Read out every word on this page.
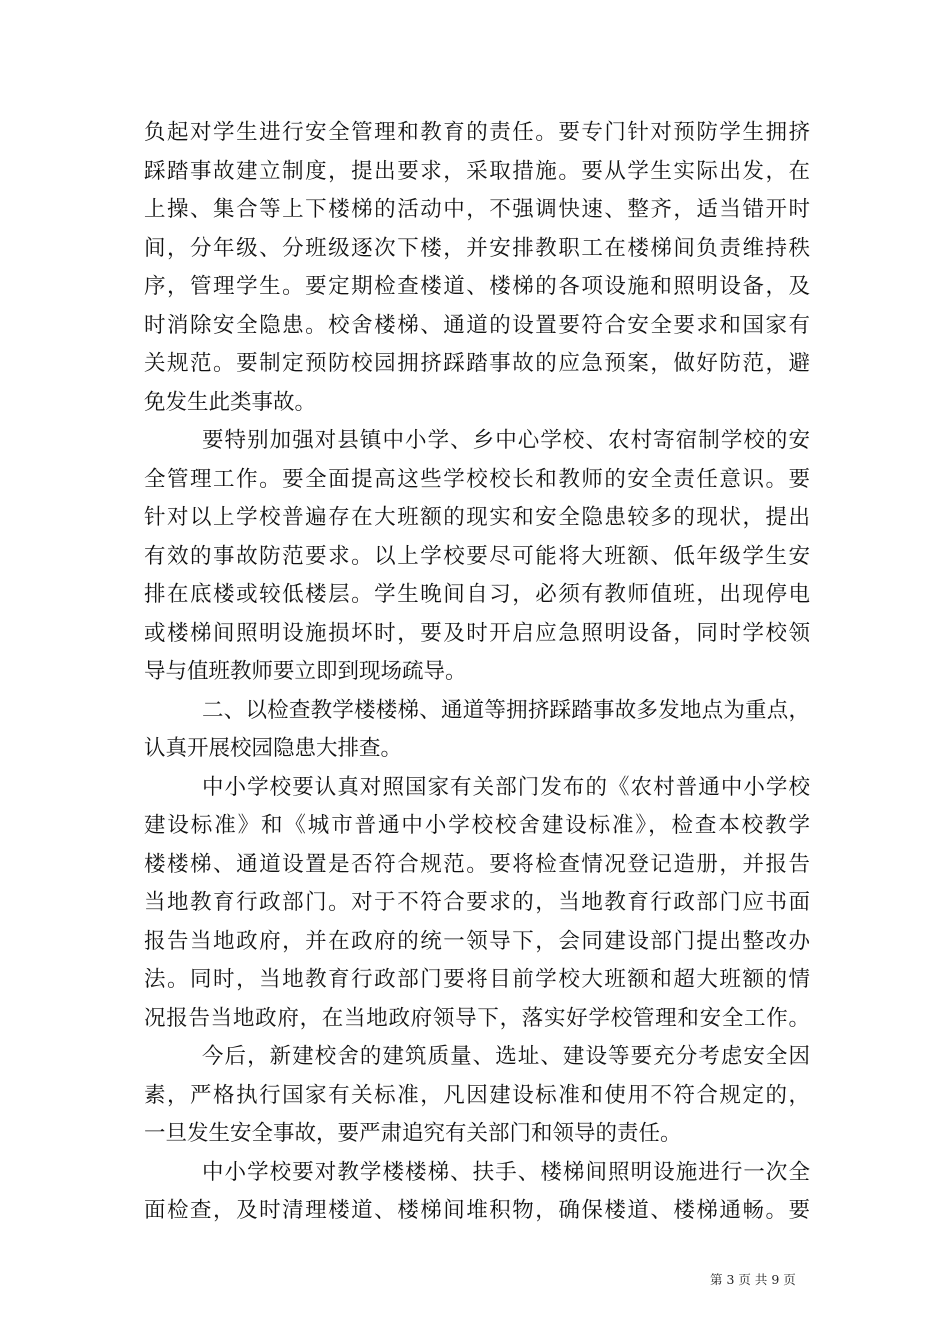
负起对学生进行安全管理和教育的责任。要专门针对预防学生拥挤
踩踏事故建立制度，提出要求，采取措施。要从学生实际出发，在
上操、集合等上下楼梯的活动中，不强调快速、整齐，适当错开时
间，分年级、分班级逐次下楼，并安排教职工在楼梯间负责维持秩
序，管理学生。要定期检查楼道、楼梯的各项设施和照明设备，及
时消除安全隐患。校舍楼梯、通道的设置要符合安全要求和国家有
关规范。要制定预防校园拥挤踩踏事故的应急预案，做好防范，避
免发生此类事故。
要特别加强对县镇中小学、乡中心学校、农村寄宿制学校的安
全管理工作。要全面提高这些学校校长和教师的安全责任意识。要
针对以上学校普遍存在大班额的现实和安全隐患较多的现状，提出
有效的事故防范要求。以上学校要尽可能将大班额、低年级学生安
排在底楼或较低楼层。学生晚间自习，必须有教师值班，出现停电
或楼梯间照明设施损坏时，要及时开启应急照明设备，同时学校领
导与值班教师要立即到现场疏导。
二、以检查教学楼楼梯、通道等拥挤踩踏事故多发地点为重点，
认真开展校园隐患大排查。
中小学校要认真对照国家有关部门发布的《农村普通中小学校
建设标准》和《城市普通中小学校校舍建设标准》，检查本校教学
楼楼梯、通道设置是否符合规范。要将检查情况登记造册，并报告
当地教育行政部门。对于不符合要求的，当地教育行政部门应书面
报告当地政府，并在政府的统一领导下，会同建设部门提出整改办
法。同时，当地教育行政部门要将目前学校大班额和超大班额的情
况报告当地政府，在当地政府领导下，落实好学校管理和安全工作。
今后，新建校舍的建筑质量、选址、建设等要充分考虑安全因
素，严格执行国家有关标准，凡因建设标准和使用不符合规定的，
一旦发生安全事故，要严肃追究有关部门和领导的责任。
中小学校要对教学楼楼梯、扶手、楼梯间照明设施进行一次全
面检查，及时清理楼道、楼梯间堆积物，确保楼道、楼梯通畅。要
第 3 页 共 9 页
